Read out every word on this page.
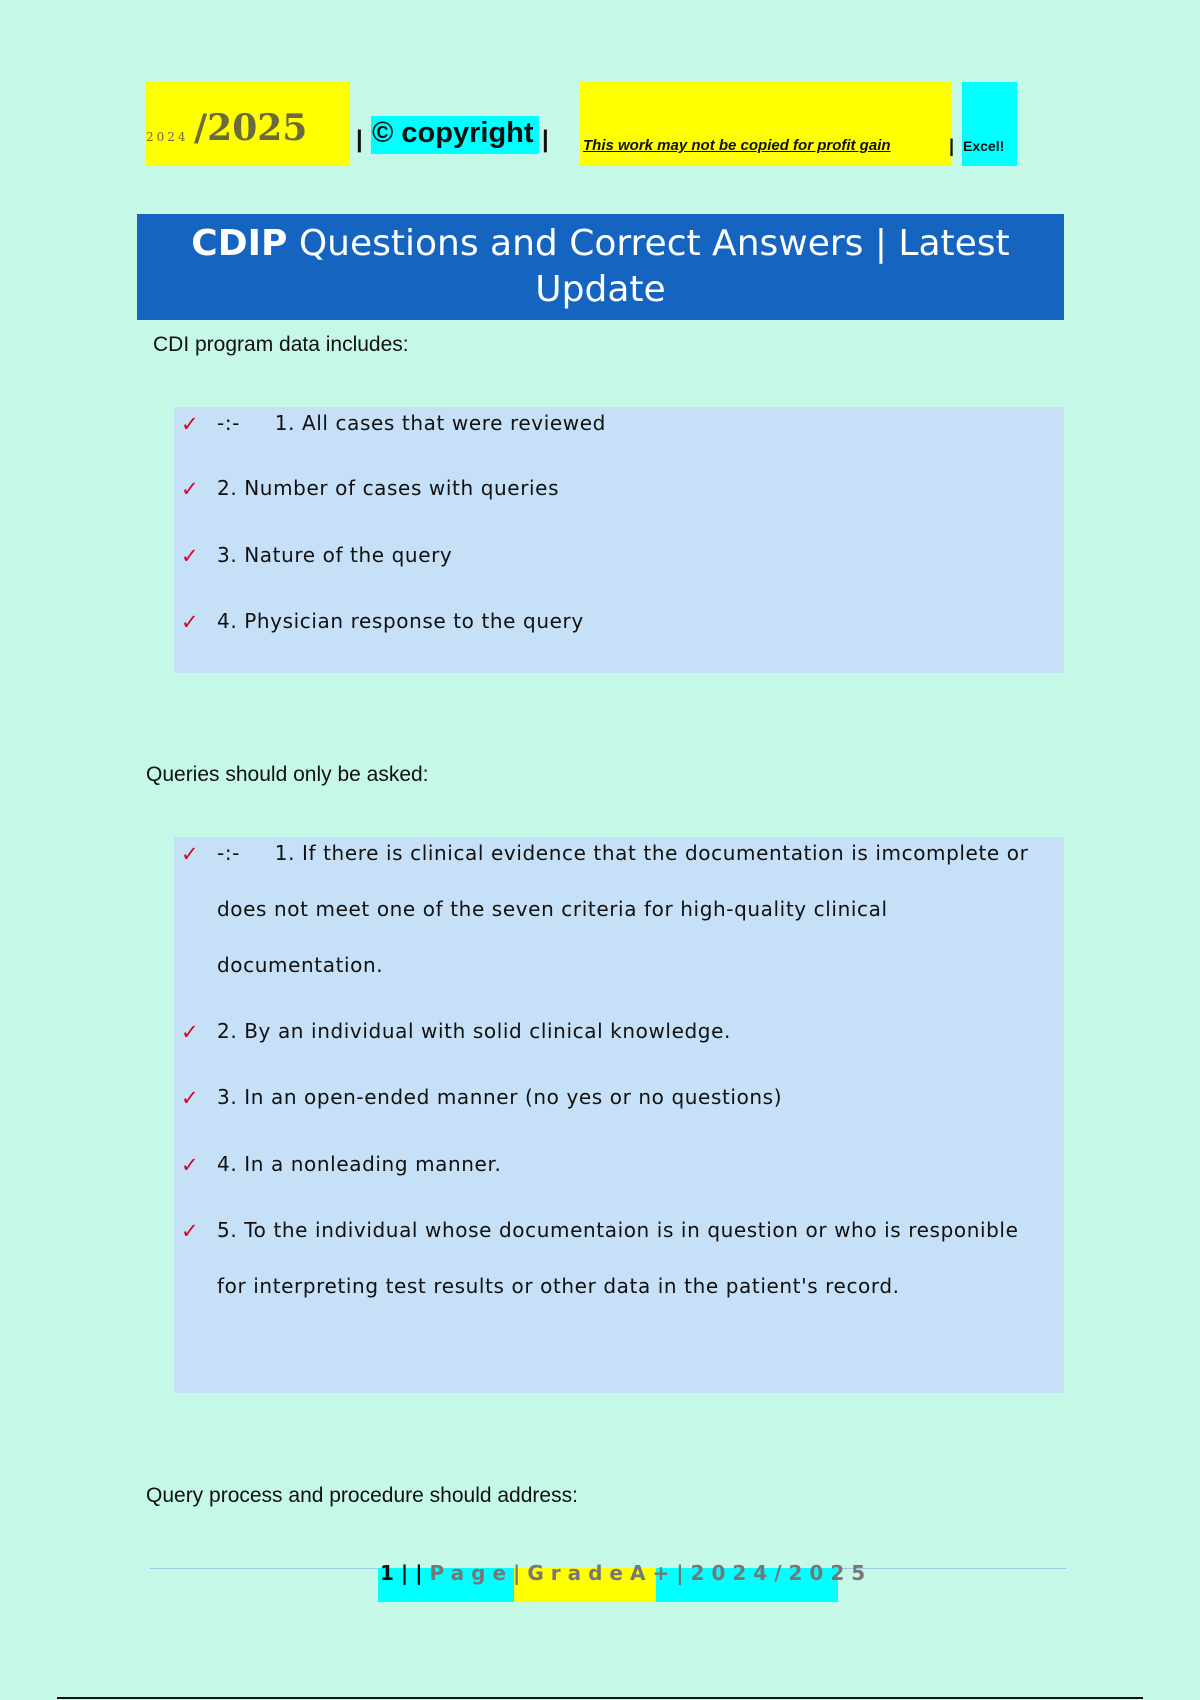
2024 /2025 | © copyright | This work may not be copied for profit gain	| Excel!
CDIP Questions and Correct Answers | Latest Update
CDI program data includes:
✓ -:-     1. All cases that were reviewed
✓ 2. Number of cases with queries
✓ 3. Nature of the query
✓ 4. Physician response to the query
Queries should only be asked:
✓ -:-     1. If there is clinical evidence that the documentation is imcomplete or does not meet one of the seven criteria for high-quality clinical documentation.
✓ 2. By an individual with solid clinical knowledge.
✓ 3. In an open-ended manner (no yes or no questions)
✓ 4. In a nonleading manner.
✓ 5. To the individual whose documentaion is in question or who is responible for interpreting test results or other data in the patient's record.
Query process and procedure should address:
1||Page|GradeA+|2024/2025
